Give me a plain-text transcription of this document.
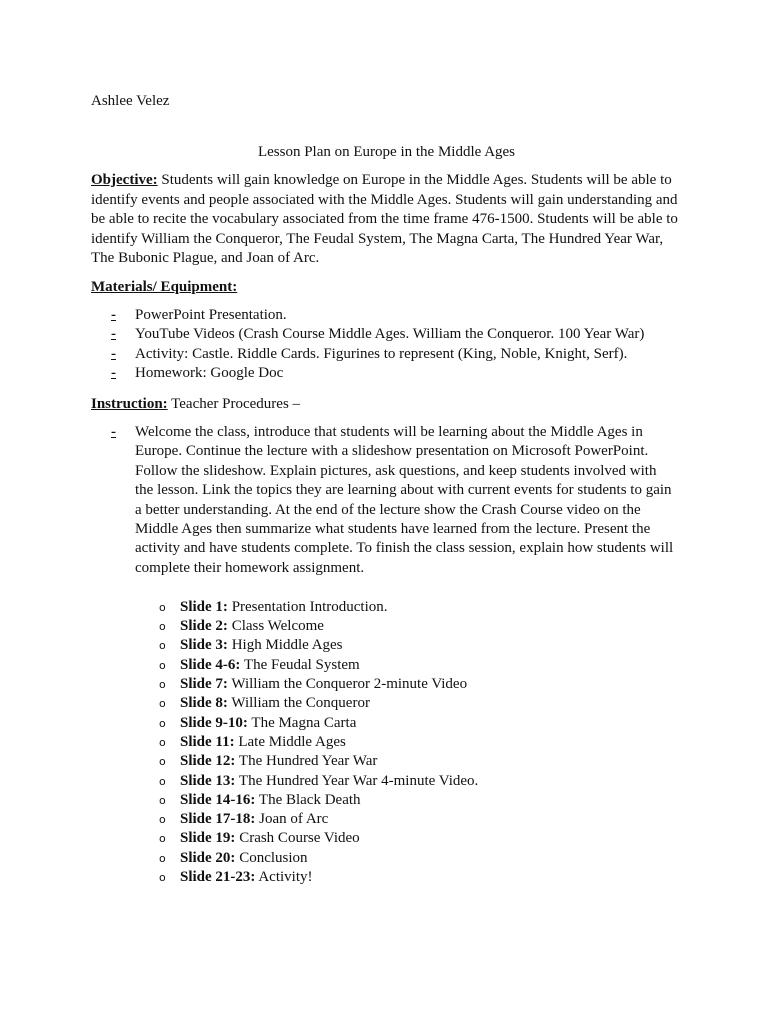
Ashlee Velez

Lesson Plan on Europe in the Middle Ages

Objective: Students will gain knowledge on Europe in the Middle Ages. Students will be able to identify events and people associated with the Middle Ages. Students will gain understanding and be able to recite the vocabulary associated from the time frame 476-1500. Students will be able to identify William the Conqueror, The Feudal System, The Magna Carta, The Hundred Year War, The Bubonic Plague, and Joan of Arc.

Materials/ Equipment:

- PowerPoint Presentation.
- YouTube Videos (Crash Course Middle Ages. William the Conqueror. 100 Year War)
- Activity: Castle. Riddle Cards. Figurines to represent (King, Noble, Knight, Serf).
- Homework: Google Doc

Instruction: Teacher Procedures –

- Welcome the class, introduce that students will be learning about the Middle Ages in Europe. Continue the lecture with a slideshow presentation on Microsoft PowerPoint. Follow the slideshow. Explain pictures, ask questions, and keep students involved with the lesson. Link the topics they are learning about with current events for students to gain a better understanding. At the end of the lecture show the Crash Course video on the Middle Ages then summarize what students have learned from the lecture. Present the activity and have students complete. To finish the class session, explain how students will complete their homework assignment.
o Slide 1: Presentation Introduction.
o Slide 2: Class Welcome
o Slide 3: High Middle Ages
o Slide 4-6: The Feudal System
o Slide 7: William the Conqueror 2-minute Video
o Slide 8: William the Conqueror
o Slide 9-10: The Magna Carta
o Slide 11: Late Middle Ages
o Slide 12: The Hundred Year War
o Slide 13: The Hundred Year War 4-minute Video.
o Slide 14-16: The Black Death
o Slide 17-18: Joan of Arc
o Slide 19: Crash Course Video
o Slide 20: Conclusion
o Slide 21-23: Activity!
